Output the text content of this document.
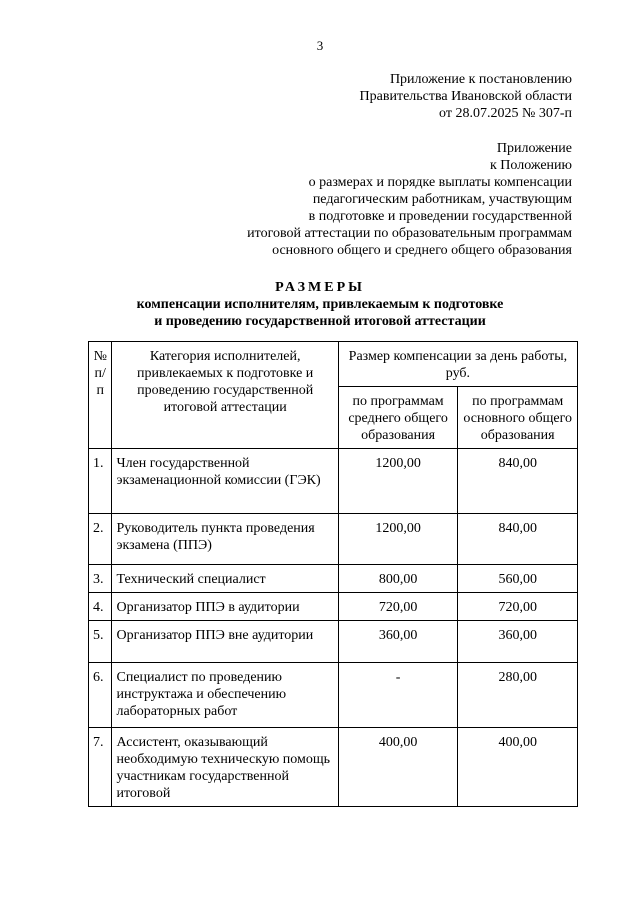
3
Приложение к постановлению
Правительства Ивановской области
от 28.07.2025 № 307-п
Приложение
к Положению
о размерах и порядке выплаты компенсации
педагогическим работникам, участвующим
в подготовке и проведении государственной
итоговой аттестации по образовательным программам
основного общего и среднего общего образования
РАЗМЕРЫ
компенсации исполнителям, привлекаемым к подготовке
и проведению государственной итоговой аттестации
№ п/п	Категория исполнителей, привлекаемых к подготовке и проведению государственной итоговой аттестации	Размер компенсации за день работы, руб.	
		по программам среднего общего образования	по программам основного общего образования
1.	Член государственной экзаменационной комиссии (ГЭК)	1200,00	840,00
2.	Руководитель пункта проведения экзамена (ППЭ)	1200,00	840,00
3.	Технический специалист	800,00	560,00
4.	Организатор ППЭ в аудитории	720,00	720,00
5.	Организатор ППЭ вне аудитории	360,00	360,00
6.	Специалист по проведению инструктажа и обеспечению лабораторных работ	-	280,00
7.	Ассистент, оказывающий необходимую техническую помощь участникам государственной итоговой	400,00	400,00
